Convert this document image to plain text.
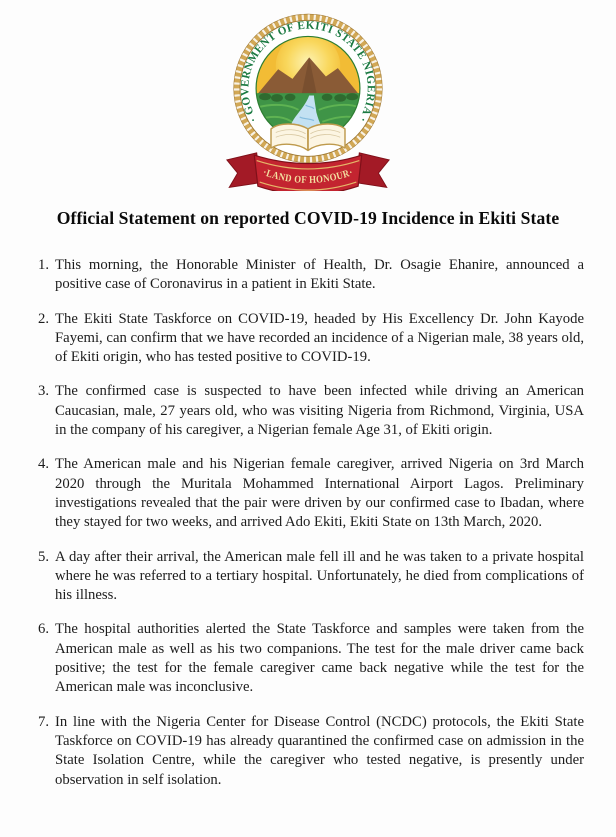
· GOVERNMENT OF EKITI STATE NIGERIA ·
·LAND OF HONOUR·
Official Statement on reported COVID-19 Incidence in Ekiti State
1. This morning, the Honorable Minister of Health, Dr. Osagie Ehanire, announced a positive case of Coronavirus in a patient in Ekiti State.
2. The Ekiti State Taskforce on COVID-19, headed by His Excellency Dr. John Kayode Fayemi, can confirm that we have recorded an incidence of a Nigerian male, 38 years old, of Ekiti origin, who has tested positive to COVID-19.
3. The confirmed case is suspected to have been infected while driving an American Caucasian, male, 27 years old, who was visiting Nigeria from Richmond, Virginia, USA in the company of his caregiver, a Nigerian female Age 31, of Ekiti origin.
4. The American male and his Nigerian female caregiver, arrived Nigeria on 3rd March 2020 through the Muritala Mohammed International Airport Lagos. Preliminary investigations revealed that the pair were driven by our confirmed case to Ibadan, where they stayed for two weeks, and arrived Ado Ekiti, Ekiti State on 13th March, 2020.
5. A day after their arrival, the American male fell ill and he was taken to a private hospital where he was referred to a tertiary hospital. Unfortunately, he died from complications of his illness.
6. The hospital authorities alerted the State Taskforce and samples were taken from the American male as well as his two companions. The test for the male driver came back positive; the test for the female caregiver came back negative while the test for the American male was inconclusive.
7. In line with the Nigeria Center for Disease Control (NCDC) protocols, the Ekiti State Taskforce on COVID-19 has already quarantined the confirmed case on admission in the State Isolation Centre, while the caregiver who tested negative, is presently under observation in self isolation.
